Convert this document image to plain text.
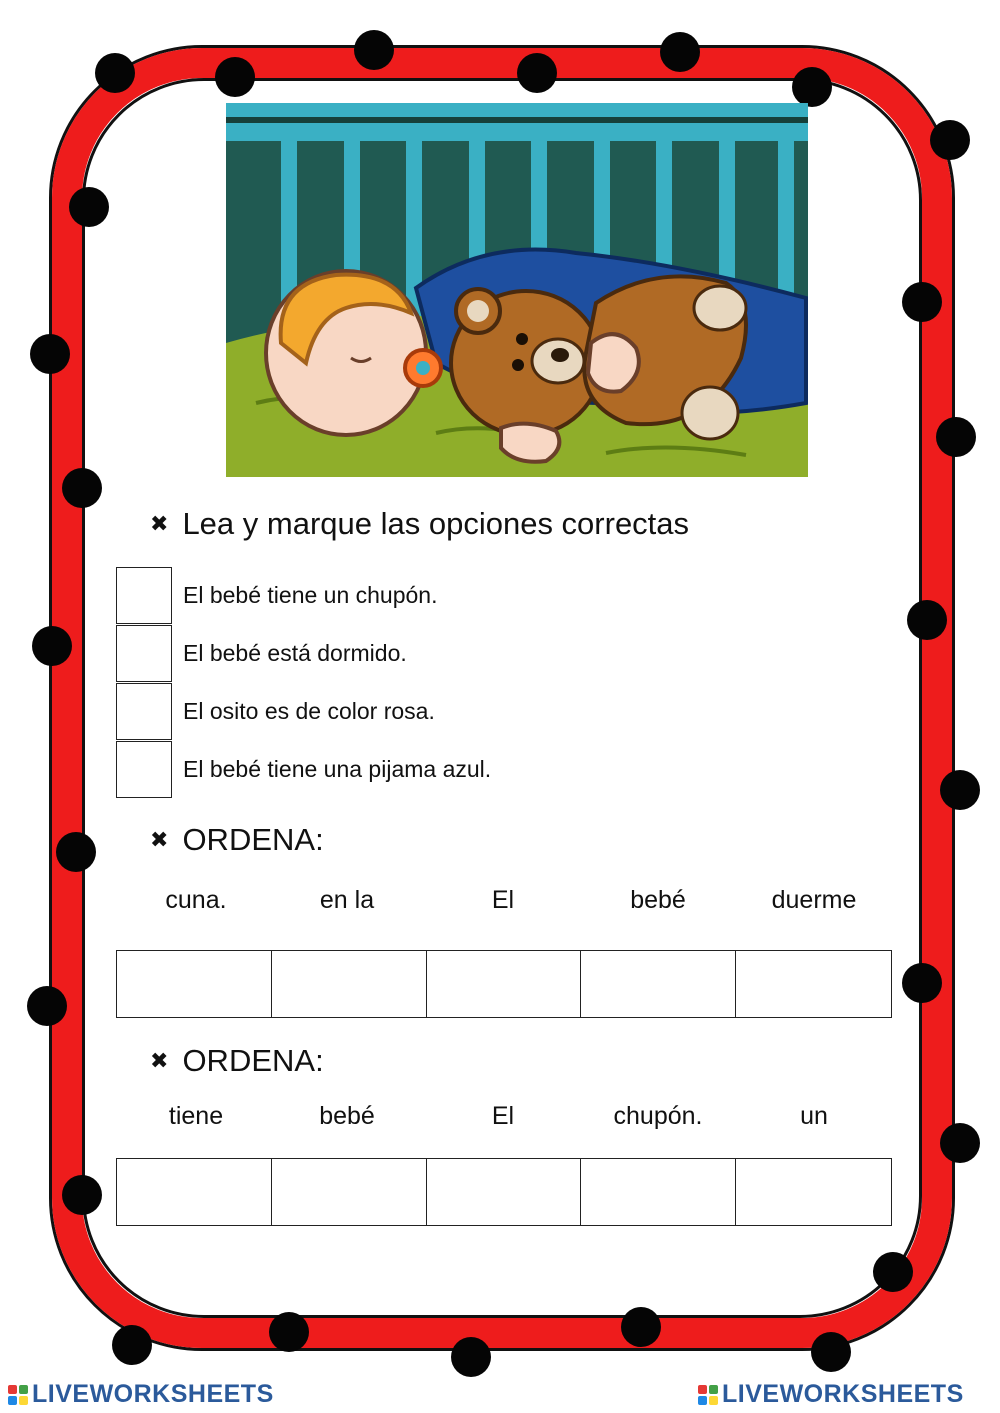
✖ Lea y marque las opciones correctas
El bebé tiene un chupón.
El bebé está dormido.
El osito es de color rosa.
El bebé tiene una pijama azul.
✖ ORDENA:
cuna.	en la	El	bebé	duerme
✖ ORDENA:
tiene	bebé	El	chupón.	un
LIVEWORKSHEETS	LIVEWORKSHEETS
